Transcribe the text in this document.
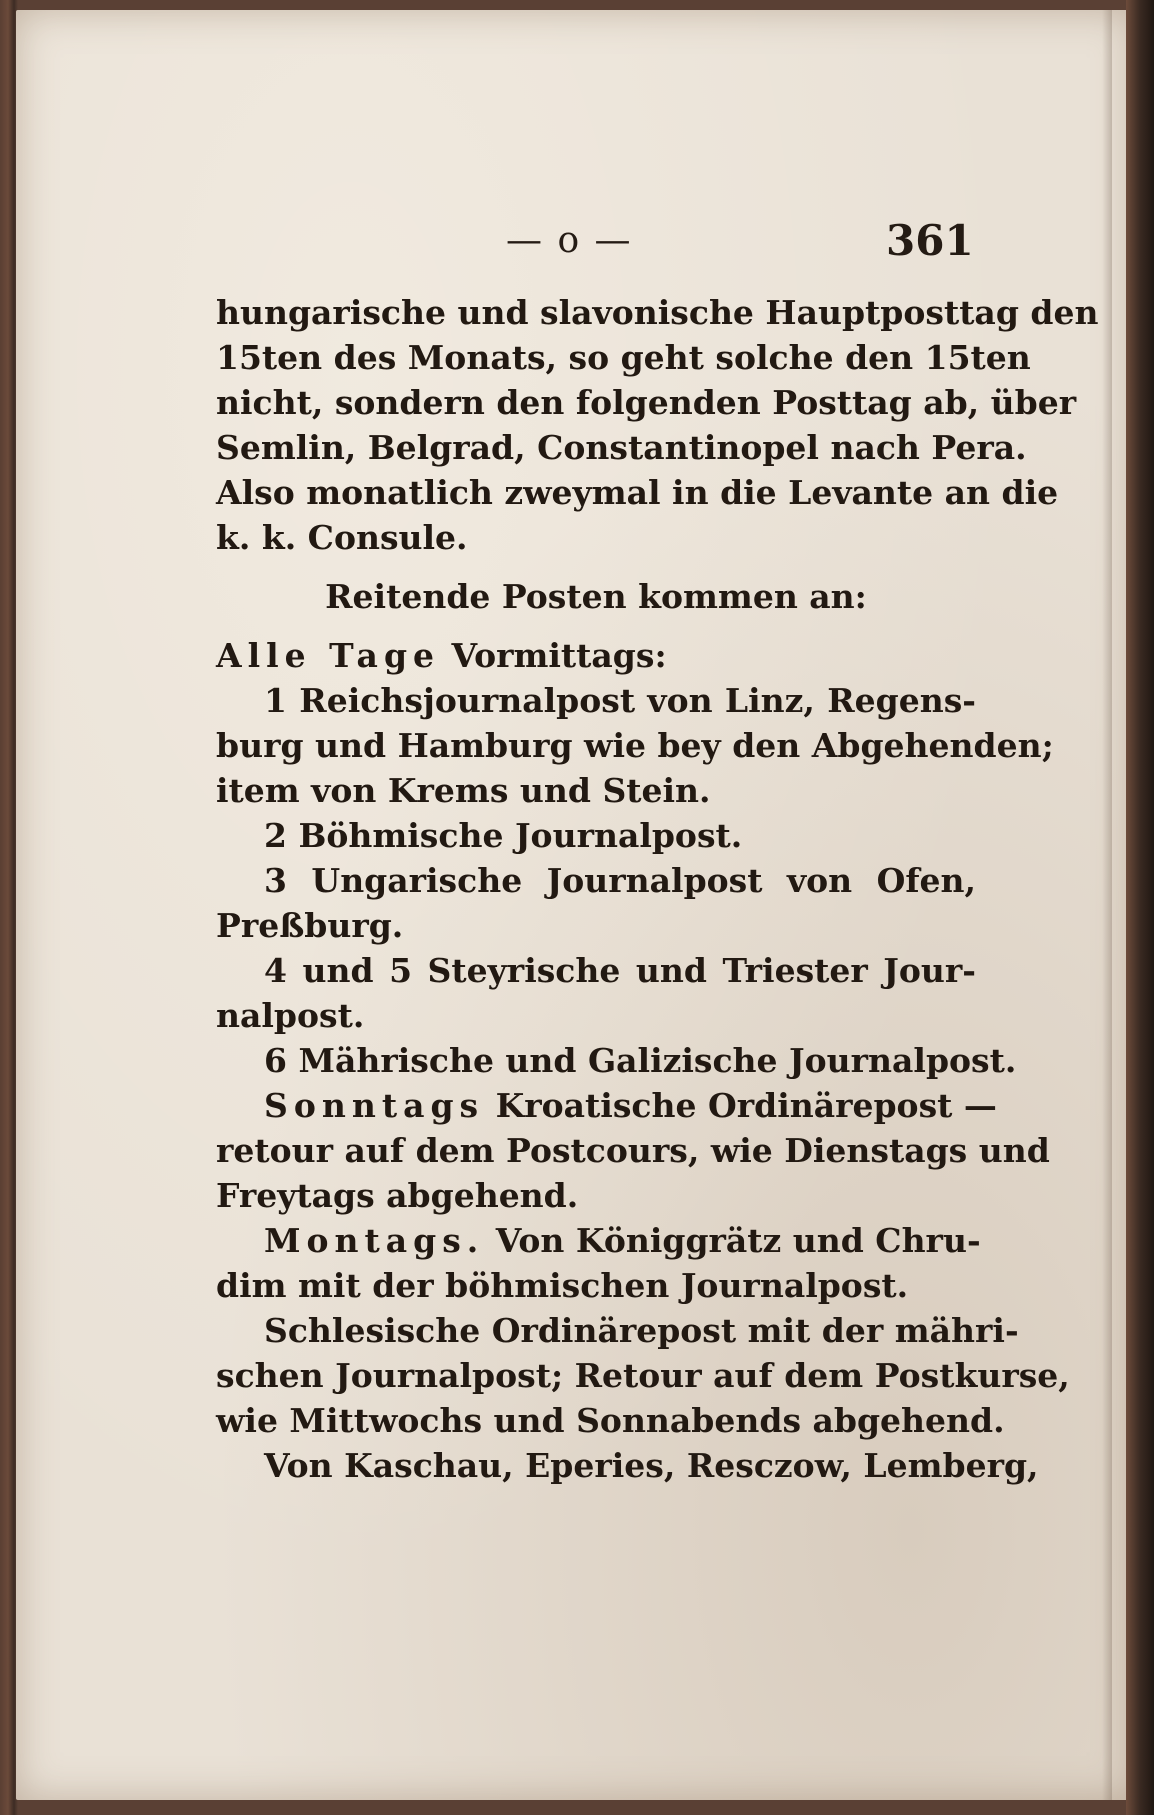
— o —	361
hungarische und slavonische Hauptposttag den
15ten des Monats, so geht solche den 15ten
nicht, sondern den folgenden Posttag ab, über
Semlin, Belgrad, Constantinopel nach Pera.
Also monatlich zweymal in die Levante an die
k. k. Consule.
Reitende Posten kommen an:
Alle Tage Vormittags:
1 Reichsjournalpost von Linz, Regens-
burg und Hamburg wie bey den Abgehenden;
item von Krems und Stein.
2 Böhmische Journalpost.
3 Ungarische Journalpost von Ofen,
Preßburg.
4 und 5 Steyrische und Triester Jour-
nalpost.
6 Mährische und Galizische Journalpost.
Sonntags Kroatische Ordinärepost —
retour auf dem Postcours, wie Dienstags und
Freytags abgehend.
Montags. Von Königgrätz und Chru-
dim mit der böhmischen Journalpost.
Schlesische Ordinärepost mit der mähri-
schen Journalpost; Retour auf dem Postkurse,
wie Mittwochs und Sonnabends abgehend.
Von Kaschau, Eperies, Resczow, Lemberg,
